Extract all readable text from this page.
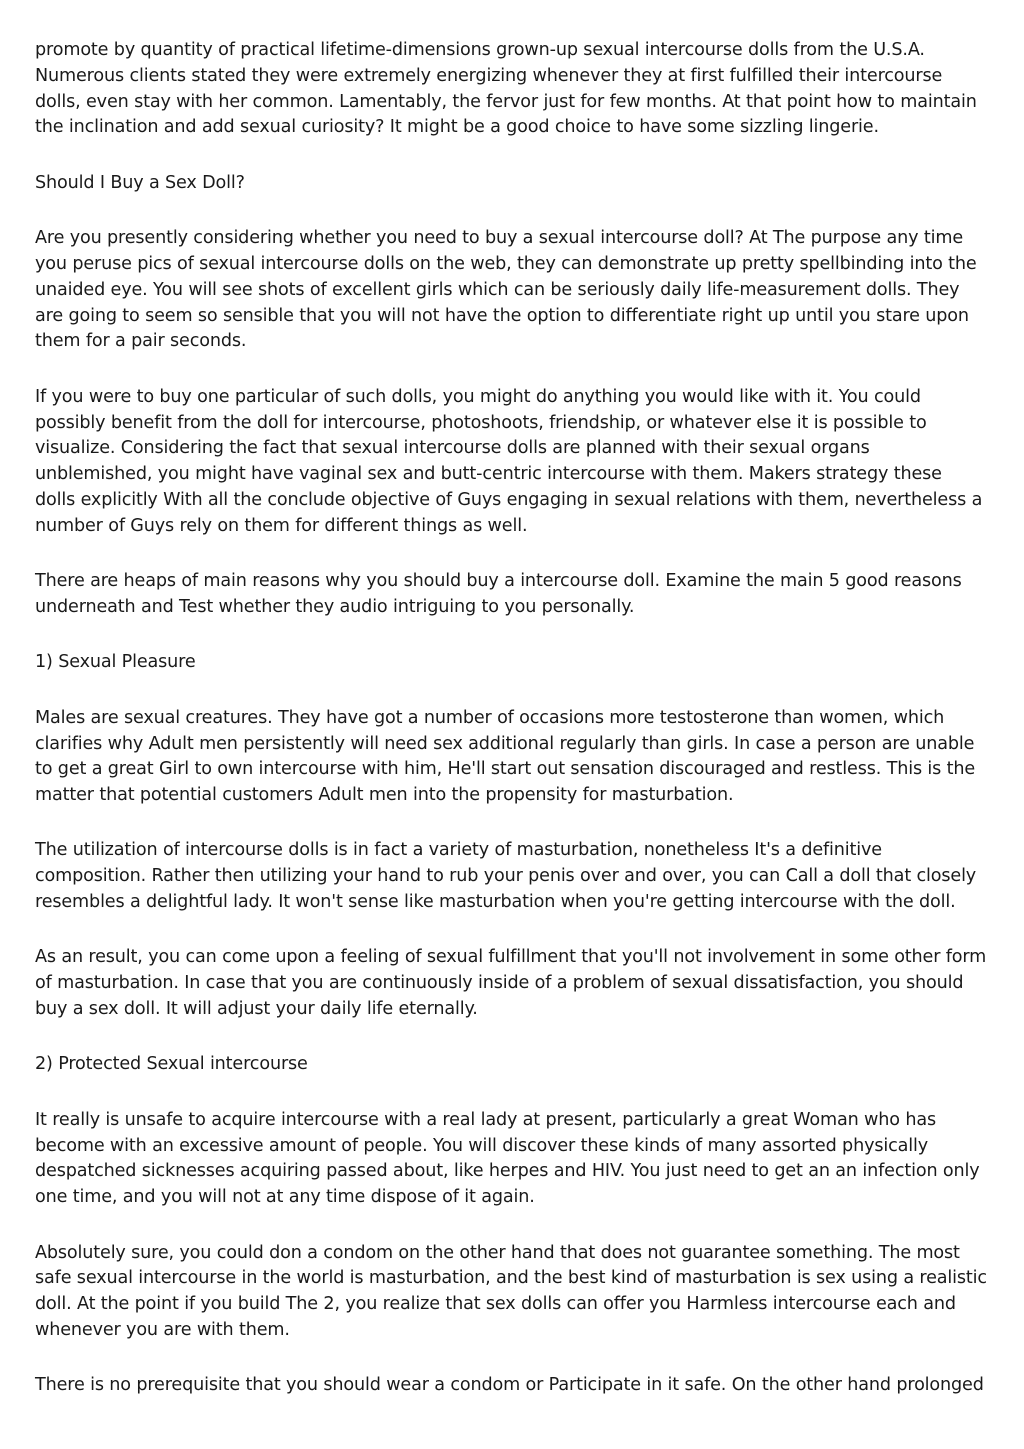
promote by quantity of practical lifetime-dimensions grown-up sexual intercourse dolls from the U.S.A. Numerous clients stated they were extremely energizing whenever they at first fulfilled their intercourse dolls, even stay with her common. Lamentably, the fervor just for few months. At that point how to maintain the inclination and add sexual curiosity? It might be a good choice to have some sizzling lingerie.

Should I Buy a Sex Doll?

Are you presently considering whether you need to buy a sexual intercourse doll? At The purpose any time you peruse pics of sexual intercourse dolls on the web, they can demonstrate up pretty spellbinding into the unaided eye. You will see shots of excellent girls which can be seriously daily life-measurement dolls. They are going to seem so sensible that you will not have the option to differentiate right up until you stare upon them for a pair seconds.

If you were to buy one particular of such dolls, you might do anything you would like with it. You could possibly benefit from the doll for intercourse, photoshoots, friendship, or whatever else it is possible to visualize. Considering the fact that sexual intercourse dolls are planned with their sexual organs unblemished, you might have vaginal sex and butt-centric intercourse with them. Makers strategy these dolls explicitly With all the conclude objective of Guys engaging in sexual relations with them, nevertheless a number of Guys rely on them for different things as well.

There are heaps of main reasons why you should buy a intercourse doll. Examine the main 5 good reasons underneath and Test whether they audio intriguing to you personally.

1) Sexual Pleasure

Males are sexual creatures. They have got a number of occasions more testosterone than women, which clarifies why Adult men persistently will need sex additional regularly than girls. In case a person are unable to get a great Girl to own intercourse with him, He'll start out sensation discouraged and restless. This is the matter that potential customers Adult men into the propensity for masturbation.

The utilization of intercourse dolls is in fact a variety of masturbation, nonetheless It's a definitive composition. Rather then utilizing your hand to rub your penis over and over, you can Call a doll that closely resembles a delightful lady. It won't sense like masturbation when you're getting intercourse with the doll.

As an result, you can come upon a feeling of sexual fulfillment that you'll not involvement in some other form of masturbation. In case that you are continuously inside of a problem of sexual dissatisfaction, you should buy a sex doll. It will adjust your daily life eternally.

2) Protected Sexual intercourse

It really is unsafe to acquire intercourse with a real lady at present, particularly a great Woman who has become with an excessive amount of people. You will discover these kinds of many assorted physically despatched sicknesses acquiring passed about, like herpes and HIV. You just need to get an an infection only one time, and you will not at any time dispose of it again.

Absolutely sure, you could don a condom on the other hand that does not guarantee something. The most safe sexual intercourse in the world is masturbation, and the best kind of masturbation is sex using a realistic doll. At the point if you build The 2, you realize that sex dolls can offer you Harmless intercourse each and whenever you are with them.

There is no prerequisite that you should wear a condom or Participate in it safe. On the other hand prolonged
